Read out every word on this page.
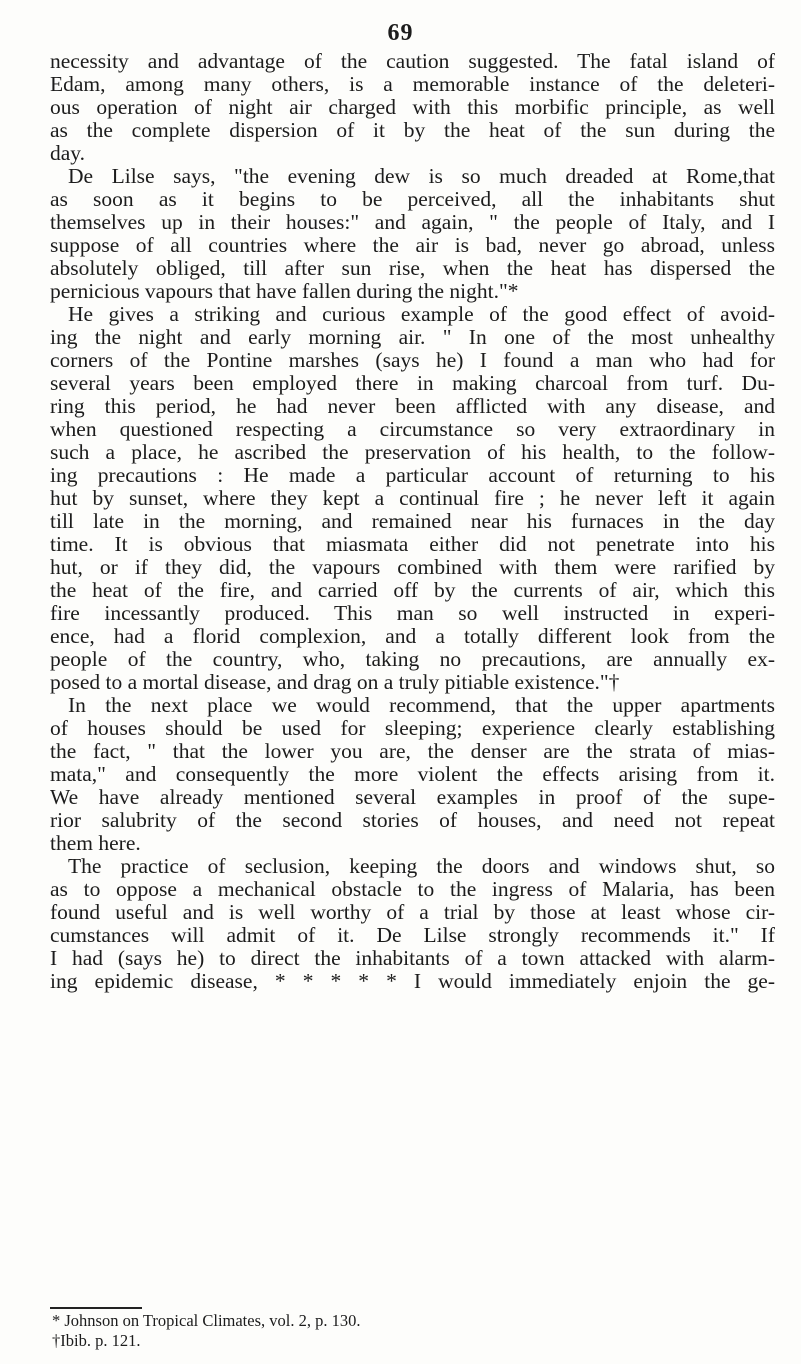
69
necessity and advantage of the caution suggested. The fatal island of
Edam, among many others, is a memorable instance of the deleteri-
ous operation of night air charged with this morbific principle, as well
as the complete dispersion of it by the heat of the sun during the
day.
De Lilse says, "the evening dew is so much dreaded at Rome,that
as soon as it begins to be perceived, all the inhabitants shut
themselves up in their houses:" and again, " the people of Italy, and I
suppose of all countries where the air is bad, never go abroad, unless
absolutely obliged, till after sun rise, when the heat has dispersed the
pernicious vapours that have fallen during the night."*
He gives a striking and curious example of the good effect of avoid-
ing the night and early morning air. " In one of the most unhealthy
corners of the Pontine marshes (says he) I found a man who had for
several years been employed there in making charcoal from turf. Du-
ring this period, he had never been afflicted with any disease, and
when questioned respecting a circumstance so very extraordinary in
such a place, he ascribed the preservation of his health, to the follow-
ing precautions : He made a particular account of returning to his
hut by sunset, where they kept a continual fire ; he never left it again
till late in the morning, and remained near his furnaces in the day
time. It is obvious that miasmata either did not penetrate into his
hut, or if they did, the vapours combined with them were rarified by
the heat of the fire, and carried off by the currents of air, which this
fire incessantly produced. This man so well instructed in experi-
ence, had a florid complexion, and a totally different look from the
people of the country, who, taking no precautions, are annually ex-
posed to a mortal disease, and drag on a truly pitiable existence."†
In the next place we would recommend, that the upper apartments
of houses should be used for sleeping; experience clearly establishing
the fact, " that the lower you are, the denser are the strata of mias-
mata," and consequently the more violent the effects arising from it.
We have already mentioned several examples in proof of the supe-
rior salubrity of the second stories of houses, and need not repeat
them here.
The practice of seclusion, keeping the doors and windows shut, so
as to oppose a mechanical obstacle to the ingress of Malaria, has been
found useful and is well worthy of a trial by those at least whose cir-
cumstances will admit of it. De Lilse strongly recommends it." If
I had (says he) to direct the inhabitants of a town attacked with alarm-
ing epidemic disease, * * * * * I would immediately enjoin the ge-
* Johnson on Tropical Climates, vol. 2, p. 130.
†Ibib. p. 121.
